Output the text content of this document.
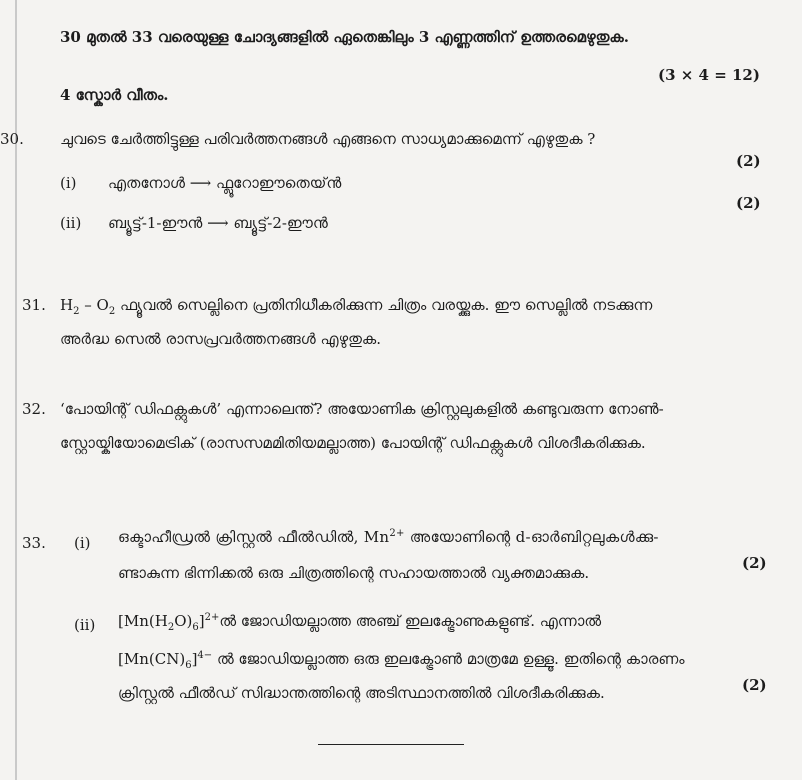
30 മുതൽ 33 വരെയുള്ള ചോദ്യങ്ങളിൽ ഏതെങ്കിലും 3 എണ്ണത്തിന് ഉത്തരമെഴുതുക.
(3 × 4 = 12)
4 സ്കോർ വീതം.
30. ചുവടെ ചേർത്തിട്ടുള്ള പരിവർത്തനങ്ങൾ എങ്ങനെ സാധ്യമാക്കുമെന്ന് എഴുതുക ?
(i) എതനോൾ ⟶ ഫ്ലൂറോഈതെയ്ൻ
(2)
(ii) ബ്യൂട്ട്-1-ഈൻ ⟶ ബ്യൂട്ട്-2-ഈൻ
(2)
31. $H_2 - O_2$ ഫ്യൂവൽ സെല്ലിനെ പ്രതിനിധീകരിക്കുന്ന ചിത്രം വരയ്ക്കുക. ഈ സെല്ലിൽ നടക്കുന്ന
അർദ്ധ സെൽ രാസപ്രവർത്തനങ്ങൾ എഴുതുക.
32. ‘പോയിന്റ് ഡിഫക്റ്റുകൾ’ എന്നാലെന്ത്? അയോണിക ക്രിസ്റ്റലുകളിൽ കണ്ടുവരുന്ന നോൺ-
സ്റ്റോയ്കിയോമെട്രിക് (രാസസമമിതിയമല്ലാത്ത) പോയിന്റ് ഡിഫക്റ്റുകൾ വിശദീകരിക്കുക.
33. (i) ഒക്ടാഹീഡ്രൽ ക്രിസ്റ്റൽ ഫീൽഡിൽ, $Mn^{2+}$ അയോണിന്റെ d-ഓർബിറ്റലുകൾക്കു-
ണ്ടാകുന്ന ഭിന്നിക്കൽ ഒരു ചിത്രത്തിന്റെ സഹായത്താൽ വ്യക്തമാക്കുക.
(2)
(ii) $[Mn(H_2O)_6]^{2+}ൽ$ ജോഡിയല്ലാത്ത അഞ്ച് ഇലക്ട്രോണുകളുണ്ട്. എന്നാൽ
$[Mn(CN)_6]^{4-}$ ൽ ജോഡിയല്ലാത്ത ഒരു ഇലക്ട്രോൺ മാത്രമേ ഉള്ളൂ. ഇതിന്റെ കാരണം
ക്രിസ്റ്റൽ ഫീൽഡ് സിദ്ധാന്തത്തിന്റെ അടിസ്ഥാനത്തിൽ വിശദീകരിക്കുക.	(2)
